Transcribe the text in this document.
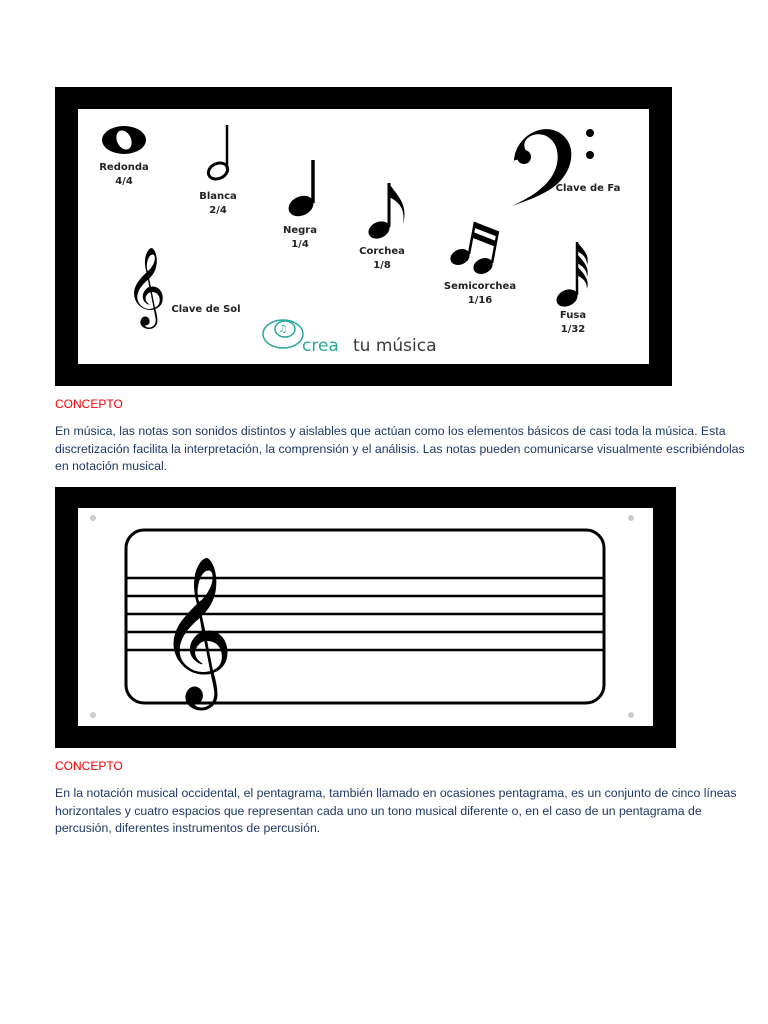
Redonda
4/4
Blanca
2/4
Negra
1/4
Corchea
1/8
Semicorchea
1/16
Fusa
1/32
Clave de Fa
𝄞 Clave de Sol
♫
crea tu música
CONCEPTO
En música, las notas son sonidos distintos y aislables que actúan como los elementos básicos de casi toda la música. Esta discretización facilita la interpretación, la comprensión y el análisis. Las notas pueden comunicarse visualmente escribiéndolas en notación musical.
𝄞
CONCEPTO
En la notación musical occidental, el pentagrama, también llamado en ocasiones pentagrama, es un conjunto de cinco líneas horizontales y cuatro espacios que representan cada uno un tono musical diferente o, en el caso de un pentagrama de percusión, diferentes instrumentos de percusión.
